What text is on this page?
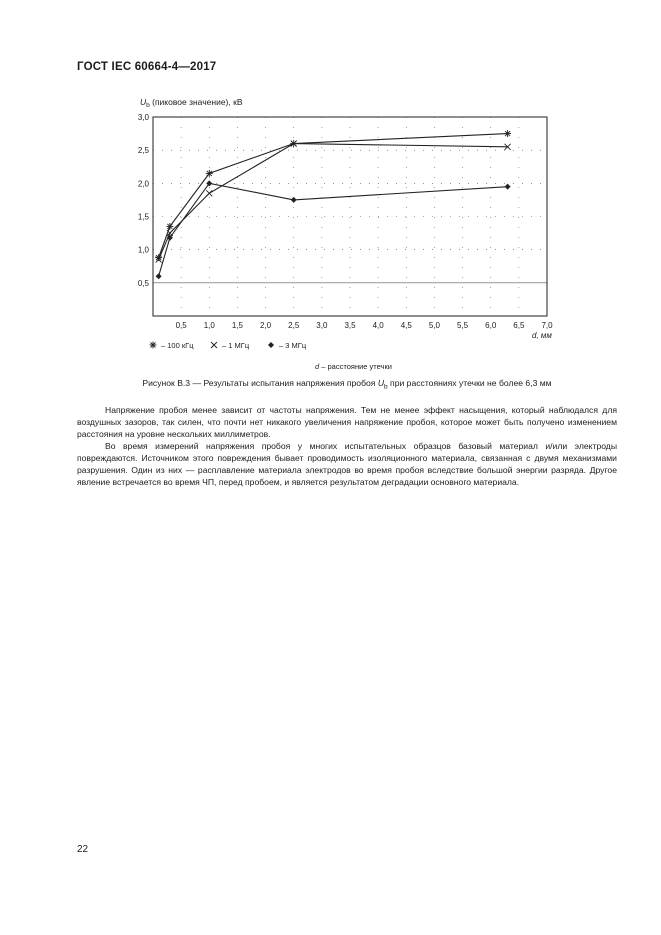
ГОСТ IEC 60664-4—2017
0,5
1,0
1,5
2,0
2,5
3,0
0,5 1,0 1,5 2,0 2,5 3,0 3,5 4,0 4,5 5,0 5,5 6,0 6,5 7,0
$U_b$ (пиковое значение), кВ
d, мм
d – расстояние утечки
– 100 кГц	– 1 МГц	– 3 МГц
Рисунок В.3 — Результаты испытания напряжения пробоя $U_b$ при расстояниях утечки не более 6,3 мм

Напряжение пробоя менее зависит от частоты напряжения. Тем не менее эффект насыщения, который наблюдался для воздушных зазоров, так силен, что почти нет никакого увеличения напряжение пробоя, которое может быть получено изменением расстояния на уровне нескольких миллиметров.

Во время измерений напряжения пробоя у многих испытательных образцов базовый материал и/или электроды повреждаются. Источником этого повреждения бывает проводимость изоляционного материала, связанная с двумя механизмами разрушения. Один из них — расплавление материала электродов во время пробоя вследствие большой энергии разряда. Другое явление встречается во время ЧП, перед пробоем, и является результатом деградации основного материала.

22
